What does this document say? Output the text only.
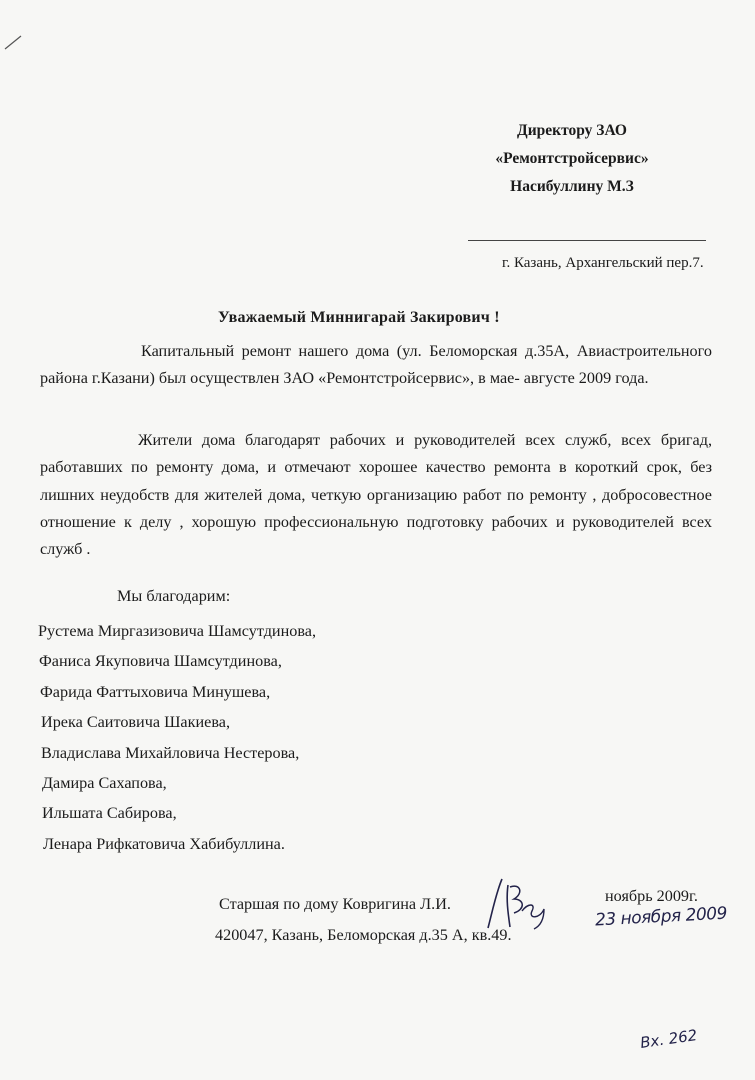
Директору ЗАО
«Ремонтстройсервис»
Насибуллину М.З
г. Казань, Архангельский пер.7.
Уважаемый Миннигарай Закирович !
Капитальный ремонт нашего дома (ул. Беломорская д.35А, Авиастроительного района г.Казани) был осуществлен ЗАО «Ремонтстройсервис», в мае- августе 2009 года.
Жители дома благодарят рабочих и руководителей всех служб, всех бригад, работавших по ремонту дома, и отмечают хорошее качество ремонта в короткий срок, без лишних неудобств для жителей дома, четкую организацию работ по ремонту , добросовестное отношение к делу , хорошую профессиональную подготовку рабочих и руководителей всех служб .
Мы благодарим:
Рустема Миргазизовича Шамсутдинова,
Фаниса Якуповича Шамсутдинова,
Фарида Фаттыховича Минушева,
Ирека Саитовича Шакиева,
Владислава Михайловича Нестерова,
Дамира Сахапова,
Ильшата Сабирова,
Ленара Рифкатовича Хабибуллина.
Старшая по дому Ковригина Л.И.
420047, Казань, Беломорская д.35 А, кв.49.
ноябрь 2009г.
23 ноября 2009
Вх. 262
